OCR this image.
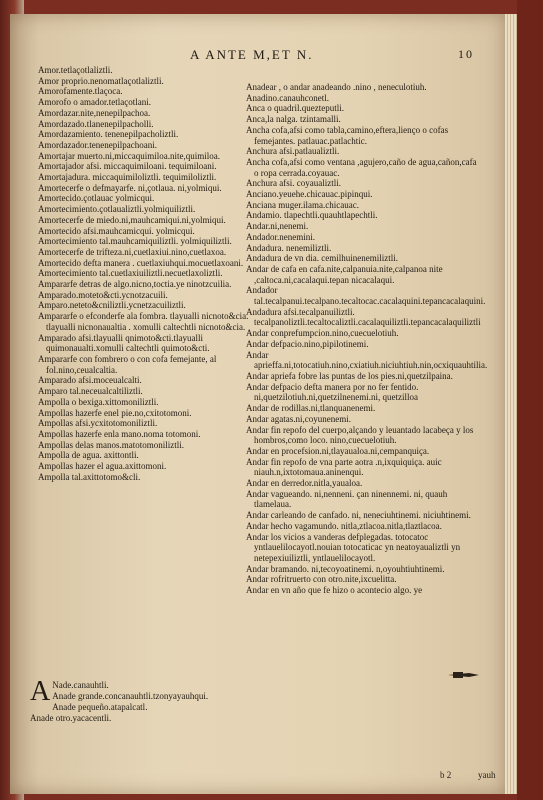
A ANTE M,ET N.	10

Amor.tetlaçotlaliztli.

Amor proprio.nenomatlaçotlaliztli.

Amorofamente.tlaçoca.

Amorofo o amador.tetlaçotlani.

Amordazar.nite,nenepilpachoa.

Amordazado.tlanenepilpacholli.

Amordazamiento. tenenepilpacholiztli.

Amordazador.tenenepilpachoani.

Amortajar muerto.ni,miccaquimiloa.nite,quimiloa.

Amortajador afsi. miccaquimiloani. tequimiloani.

Amortajadura. miccaquimiloliztli. tequimiloliztli.

Amortecerfe o defmayarfe. ni,çotlaua. ni,yolmiqui.

Amortecido.çotlauac yolmicqui.

Amortecimiento.çotlaualiztli.yolmiquiliztli.

Amortecerfe de miedo.ni,mauhcamiqui.ni,yolmiqui.

Amortecido afsi.mauhcamicqui. yolmicqui.

Amortecimiento tal.mauhcamiquiliztli. yolmiquiliztli.

Amortecerfe de trifteza.ni,cuetlaxiui.nino,cuetlaxoa.

Amortecido defta manera . cuetlaxiuhqui.mocuetlaxoani.

Amortecimiento tal.cuetlaxiuiliztli.necuetlaxoliztli.

Ampararfe detras de algo.nicno,toctia.ye ninotzcuilia.

Amparado.moteto&cti.ycnotzacuili.

Amparo.neteto&cniliztli.ycnetzacuiliztli.

Ampararfe o efconderfe ala fombra. tlayualli nicnoto&cia. tlayualli nicnonaualtia . xomulli caltechtli nicnoto&cia.

Amparado afsi.tlayualli qnimoto&cti.tlayualli quimonaualti.xomulli caltechtli quimoto&cti.

Ampararfe con fombrero o con cofa femejante, al fol.nino,ceualcaltia.

Amparado afsi.moceualcalti.

Amparo tal.neceualcaltiliztli.

Ampolla o bexiga.xittomoniliztli.

Ampollas hazerfe enel pie.no,cxitotomoni.

Ampollas afsi.ycxitotomoniliztli.

Ampollas hazerfe enla mano.noma totomoni.

Ampollas delas manos.matotomoniliztli.

Ampolla de agua. axittontli.

Ampollas hazer el agua.axittomoni.

Ampolla tal.axittotomo&cli.

A Nade.canauhtli.

Anade grande.concanauhtli.tzonyayauhqui.

Anade pequeño.atapalcatl.

Anade otro.yacacentli.

Anadear , o andar anadeando .nino , neneculotiuh.

Anadino.canauhconetl.

Anca o quadril.quezteputli.

Anca,la nalga. tzintamalli.

Ancha cofa,afsi como tabla,camino,eftera,lienço o cofas femejantes. patlauac.patlachtic.

Anchura afsi.patlaualiztli.

Ancha cofa,afsi como ventana ,agujero,caño de agua,cañon,cafa o ropa cerrada.coyauac.

Anchura afsi. coyaualiztli.

Anciano.yeuehe.chicauac.pipinqui.

Anciana muger.ilama.chicauac.

Andamio. tlapechtli.quauhtlapechtli.

Andar.ni,nenemi.

Andador.nenemini.

Andadura. nenemiliztli.

Andadura de vn dia. cemilhuinenemiliztli.

Andar de cafa en cafa.nite,calpanuia.nite,calpanoa nite ,caltoca.ni,cacalaqui.tepan nicacalaqui.

Andador tal.tecalpanui.tecalpano.tecaltocac.cacalaquini.tepancacalaquini.

Andadura afsi.tecalpanuiliztli. tecalpanoliztli.tecaltocaliztli.cacalaquiliztli.tepancacalaquiliztli

Andar conprefumpcion.nino,cuecuelotiuh.

Andar defpacio.nino,pipilotinemi.

Andar aprieffa.ni,totocatiuh.nino,cxiatiuh.niciuhtiuh.nin,ocxiquauhtilia.

Andar apriefa fobre las puntas de los pies.ni,quetzilpaina.

Andar defpacio defta manera por no fer fentido. ni,quetzilotiuh.ni,quetzilnenemi.ni, quetzilloa

Andar de rodillas.ni,tlanquanenemi.

Andar agatas.ni,coyunenemi.

Andar fin repofo del cuerpo,alçando y leuantado lacabeça y los hombros,como loco. nino,cuecuelotiuh.

Andar en procefsion.ni,tlayaualoa.ni,cempanquiça.

Andar fin repofo de vna parte aotra .n,ixquiquiça. auic niauh.n,ixtotomaua.aninenqui.

Andar en derredor.nitla,yaualoa.

Andar vagueando. ni,nenneni. çan ninennemi. ni, quauh tlamelaua.

Andar carleando de canfado. ni, neneciuhtinemi. niciuhtinemi.

Andar hecho vagamundo. nitla,ztlacoa.nitla,tlaztlacoa.

Andar los vicios a vanderas defplegadas. totocatoc yntlauelilocayotl.nouian totocaticac yn neatoyaualiztli yn netepexiuiliztli, yntlauelilocayotl.

Andar bramando. ni,tecoyoatinemi. n,oyouhtiuhtinemi.

Andar rofritruerto con otro.nite,ixcuelitta.

Andar en vn año que fe hizo o acontecio algo. ye

b 2	yauh
